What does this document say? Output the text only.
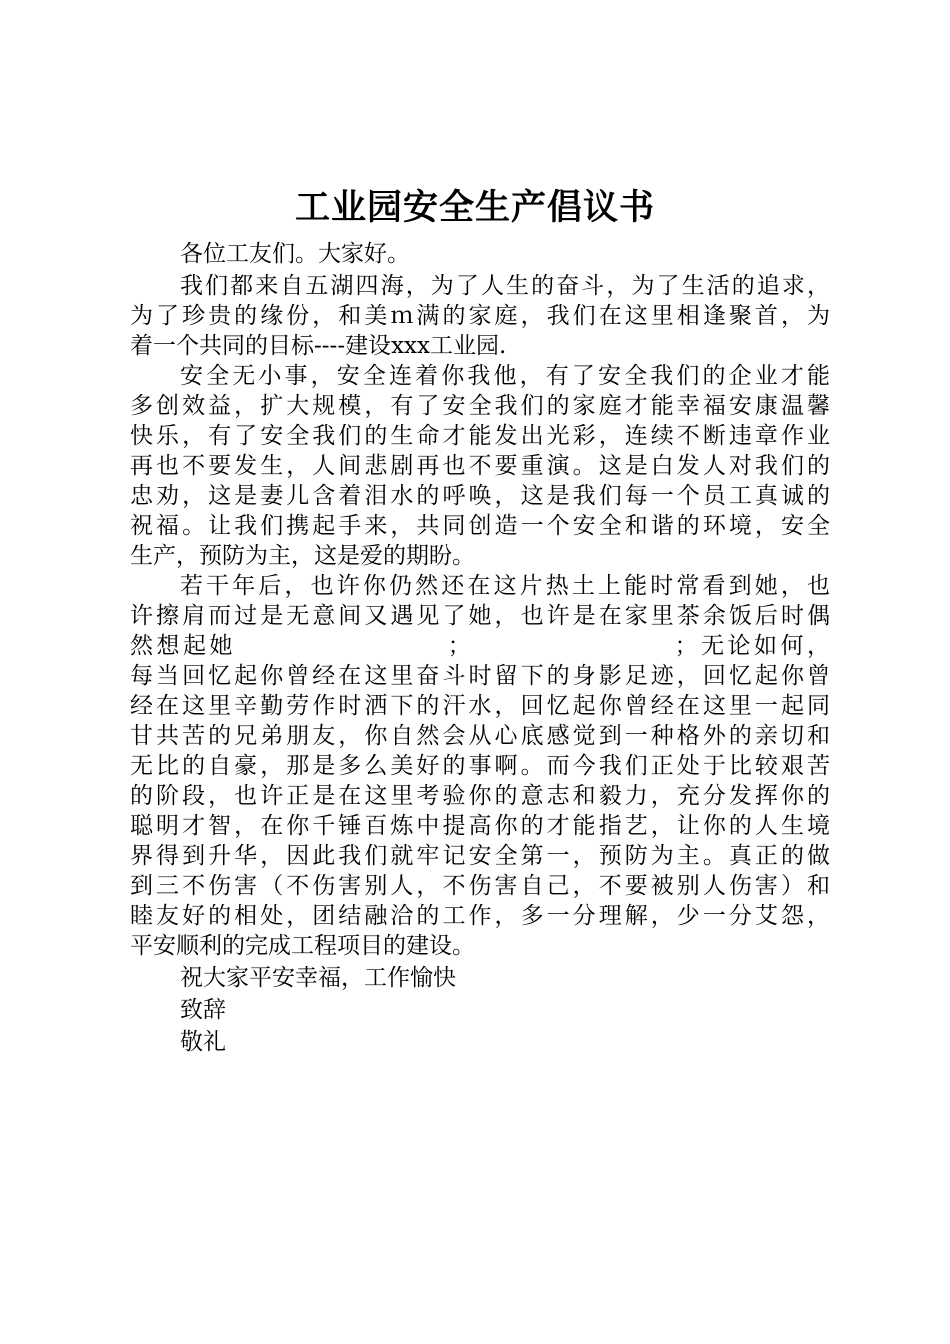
工业园安全生产倡议书

各位工友们。大家好。

我们都来自五湖四海，为了人生的奋斗，为了生活的追求，

为了珍贵的缘份，和美ｍ满的家庭，我们在这里相逢聚首，为

着一个共同的目标----建设xxx工业园.

安全无小事，安全连着你我他，有了安全我们的企业才能

多创效益，扩大规模，有了安全我们的家庭才能幸福安康温馨

快乐，有了安全我们的生命才能发出光彩，连续不断违章作业

再也不要发生，人间悲剧再也不要重演。这是白发人对我们的

忠劝，这是妻儿含着泪水的呼唤，这是我们每一个员工真诚的

祝福。让我们携起手来，共同创造一个安全和谐的环境，安全

生产，预防为主，这是爱的期盼。

若干年后，也许你仍然还在这片热土上能时常看到她，也

许擦肩而过是无意间又遇见了她，也许是在家里茶余饭后时偶

然想起她　　　　　　　　；　　　　　　　　；无论如何，

每当回忆起你曾经在这里奋斗时留下的身影足迹，回忆起你曾

经在这里辛勤劳作时洒下的汗水，回忆起你曾经在这里一起同

甘共苦的兄弟朋友，你自然会从心底感觉到一种格外的亲切和

无比的自豪，那是多么美好的事啊。而今我们正处于比较艰苦

的阶段，也许正是在这里考验你的意志和毅力，充分发挥你的

聪明才智，在你千锤百炼中提高你的才能指艺，让你的人生境

界得到升华，因此我们就牢记安全第一，预防为主。真正的做

到三不伤害（不伤害别人，不伤害自己，不要被别人伤害）和

睦友好的相处，团结融洽的工作，多一分理解，少一分艾怨，

平安顺利的完成工程项目的建设。

祝大家平安幸福，工作愉快

致辞

敬礼
